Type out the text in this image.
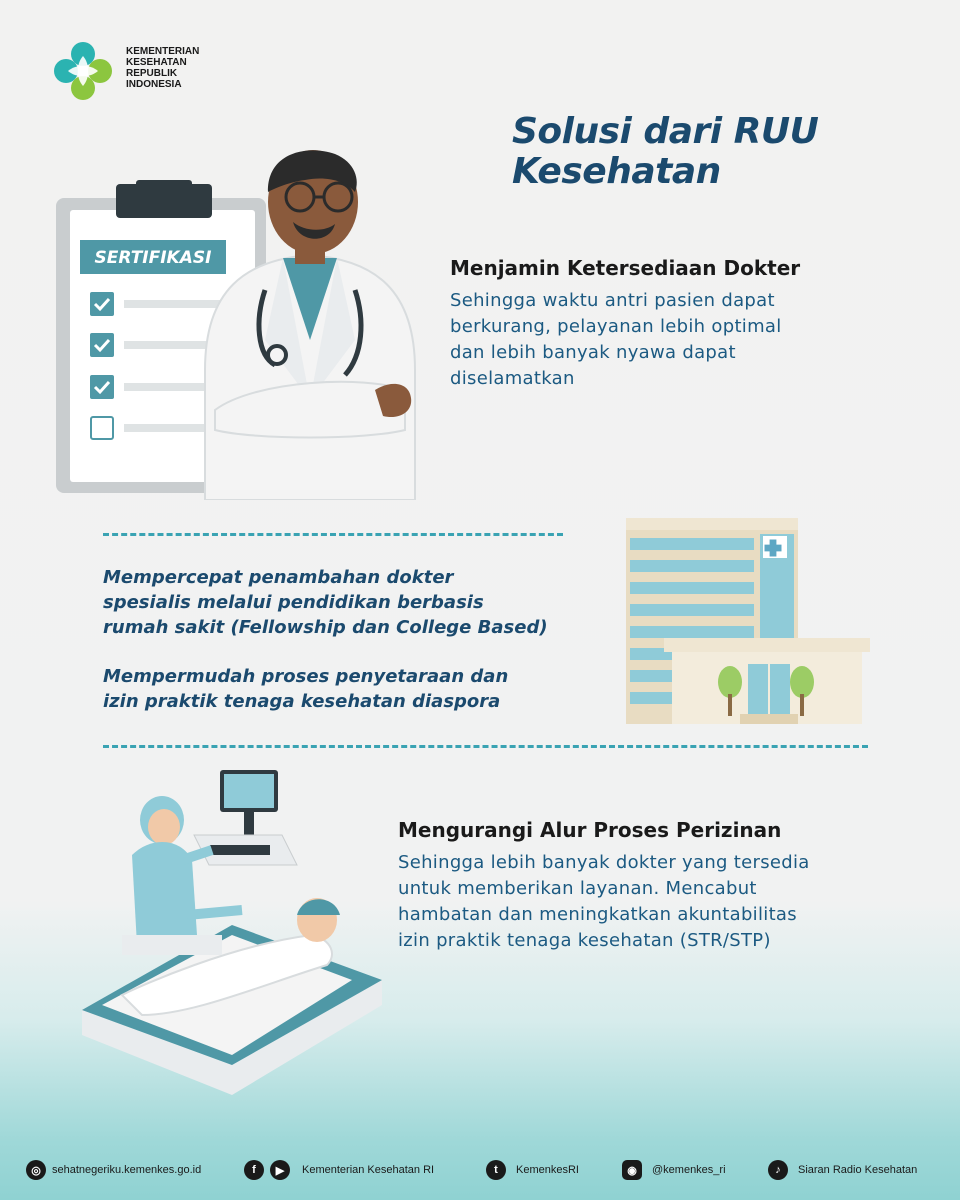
KEMENTERIAN
KESEHATAN
REPUBLIK
INDONESIA
Solusi dari RUU
Kesehatan
SERTIFIKASI	Menjamin Ketersediaan Dokter
Sehingga waktu antri pasien dapat
berkurang, pelayanan lebih optimal
dan lebih banyak nyawa dapat
diselamatkan
Mempercepat penambahan dokter
spesialis melalui pendidikan berbasis
rumah sakit (Fellowship dan College Based)
Mempermudah proses penyetaraan dan
izin praktik tenaga kesehatan diaspora
Mengurangi Alur Proses Perizinan
Sehingga lebih banyak dokter yang tersedia
untuk memberikan layanan. Mencabut
hambatan dan meningkatkan akuntabilitas
izin praktik tenaga kesehatan (STR/STP)
◎	sehatnegeriku.kemenkes.go.id	f	▶	Kementerian Kesehatan RI	t	KemenkesRI	◉	@kemenkes_ri	♪	Siaran Radio Kesehatan
